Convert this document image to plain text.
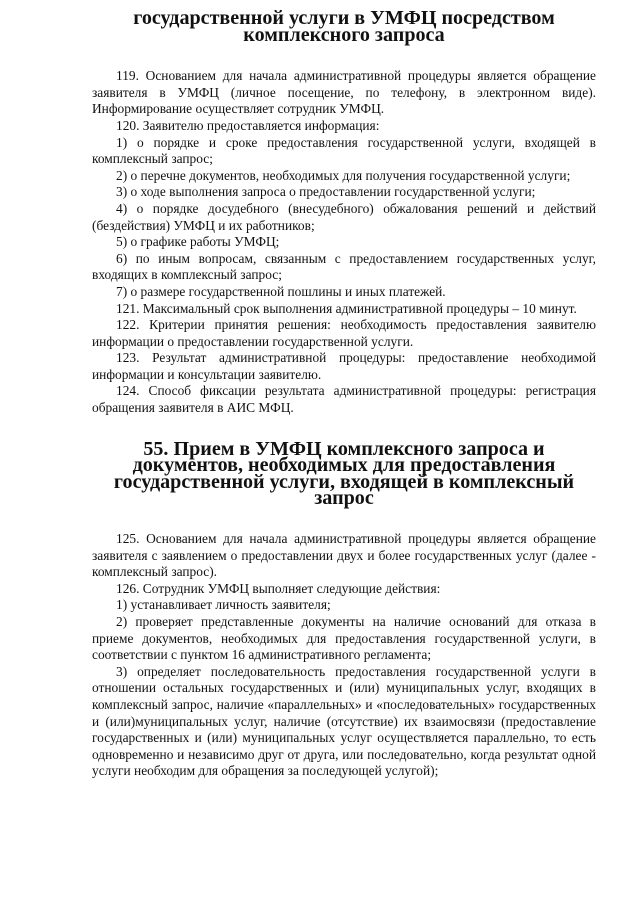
государственной услуги в УМФЦ посредством комплексного запроса

119. Основанием для начала административной процедуры является обращение заявителя в УМФЦ (личное посещение, по телефону, в электронном виде). Информирование осуществляет сотрудник УМФЦ.

120. Заявителю предоставляется информация:

1) о порядке и сроке предоставления государственной услуги, входящей в комплексный запрос;

2) о перечне документов, необходимых для получения государственной услуги;

3) о ходе выполнения запроса о предоставлении государственной услуги;

4) о порядке досудебного (внесудебного) обжалования решений и действий (бездействия) УМФЦ и их работников;

5) о графике работы УМФЦ;

6) по иным вопросам, связанным с предоставлением государственных услуг, входящих в комплексный запрос;

7) о размере государственной пошлины и иных платежей.

121. Максимальный срок выполнения административной процедуры – 10 минут.

122. Критерии принятия решения: необходимость предоставления заявителю информации о предоставлении государственной услуги.

123. Результат административной процедуры: предоставление необходимой информации и консультации заявителю.

124. Способ фиксации результата административной процедуры: регистрация обращения заявителя в АИС МФЦ.

55. Прием в УМФЦ комплексного запроса и документов, необходимых для предоставления государственной услуги, входящей в комплексный запрос

125. Основанием для начала административной процедуры является обращение заявителя с заявлением о предоставлении двух и более государственных услуг (далее - комплексный запрос).

126. Сотрудник УМФЦ выполняет следующие действия:

1) устанавливает личность заявителя;

2) проверяет представленные документы на наличие оснований для отказа в приеме документов, необходимых для предоставления государственной услуги, в соответствии с пунктом 16 административного регламента;

3) определяет последовательность предоставления государственной услуги в отношении остальных государственных и (или) муниципальных услуг, входящих в комплексный запрос, наличие «параллельных» и «последовательных» государственных и (или)муниципальных услуг, наличие (отсутствие) их взаимосвязи (предоставление государственных и (или) муниципальных услуг осуществляется параллельно, то есть одновременно и независимо друг от друга, или последовательно, когда результат одной услуги необходим для обращения за последующей услугой);
